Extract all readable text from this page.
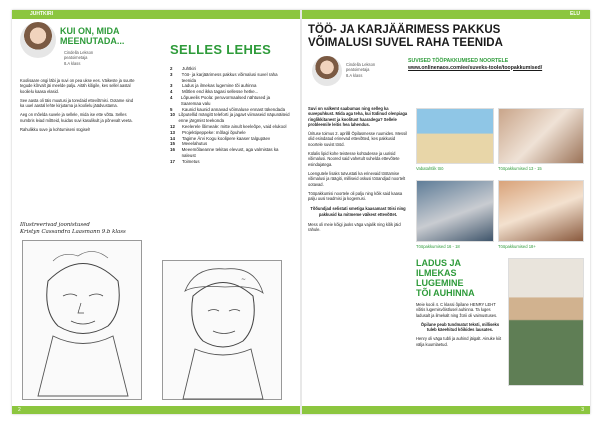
JUHTKIRI	ELU
KUI ON, MIDA
MEENUTADA...
Cindella Lekson
peatoimetaja
8.A klass

Koolisaare ongi läbi ja suvi on pea ukse ees. Väikeste ja suurte tegude kõrvalt jäi meelde palju. Aitäh kõigile, kes sellel aastal koolielu kaasa elasid.

See aasta oli täis muutusi ja toredaid ettevõtmisi. Ootame sind ka uuel aastal lehte kirjutama ja koolielu jäädvustama.

Aeg on mõelda suvele ja sellele, mida ise ette võtta. Selles numbris leiad mõtteid, kuidas suvi kasulikult ja põnevalt veeta.

Rahulikku suve ja kohtumiseni sügisel!

Illustreerivad joonistused
Kristyn Cassandra Laasmann 9.b klass
~
SELLES LEHES
2	Juhtkiri
3	Töö- ja karjäärimess pakkus võimalusi suvel raha teenida
3	Ladus ja ilmekas lugemine tõi auhinna
4	Mõtlen end ikka tagasi sellesse hetke...
4	Lõpueelis Poola: peruvormaalsed nähtused ja Saaremaa valu
5	Kaunid kaunid annavad võimaluse ennast tükendada
10 Lõputellid mängitt teleforti ja jagavt viimaseid näpunäiteid enne järgmist teekonda
12	Keelerele lõimeale: mitte ainult keeleõpe, vaid elukool
13	Projektipeppeke: mõlagi õpuhele
14	Tagime Ärvi Kogu koolipere kaaser talgupäev
15	Meeelahutus
16	Meeemõlaeanne tekitas elevust, aga valmistas ka naleust
17	Toimetus
TÖÖ- JA KARJÄÄRIMESS PAKKUS
VÕIMALUSI SUVEL RAHA TEENIDA
Cindella Lekson
peatoimetaja
8.A klass
SUVISED TÖÖPAKKUMISED NOORTELE
www.onlinenaos.com/ee/suveks-toole/toopakkumised/

Suvi on valkemt saabumas ning selleg ka suvepuhkust. Mida aga teha, kui tüdinud olenpiaga ringlikkitanest ja koolitust haaradega? Sellele probleemile leitis hea lahendus.

Ürituse toimus 2. aprillil Õpilasmesse ruumides. Messil olid esindatud erinevad ettevõtted, kes pakkusid noortele suvist tööd.

Külalis lipid kohe teistesse kohtadesse ja uurisid võimalusi. Noored said vahetult suhelda ettevõtete esindajatega.

Loengutele lisaks tutvustati ka erinevaid töötamise võimalusi ja räägiti, milliseid oskusi tööandjad noortelt ootavad.

Tööpakkumisi noortele oli palju ning kõik said kaasa palju uusi teadmisi ja kogemusi.

Tõõundjad selistati smetiga kaasamast töisi ning pakkusid ka mitmeme väikest ettevõttet.

Mess oli meie kõigi jaoks väga vajalik ning kõik jäid rahule.

Vabatahtlik töö	Tööpakkumised 13 - 15
Tööpakkumised 16 - 18	Tööpakkumised 18+
LADUS JA
ILMEKAS
LUGEMINE
TÕI AUHINNA

Meie kooli 4. C klassi õpilane HENRY LEHT võitis lugemisvõistlusel auhinna. Ta luges ladusalt ja ilmekalt ning žürii oli vaimustuses.

Õpilane peab tundmatut teksti, milliseks tuleb käeehitud kõikides lausates.

Henry oli väga tubli ja auhind jäigalt. Ainuke kiit välja kuumlaetud.

2	3
